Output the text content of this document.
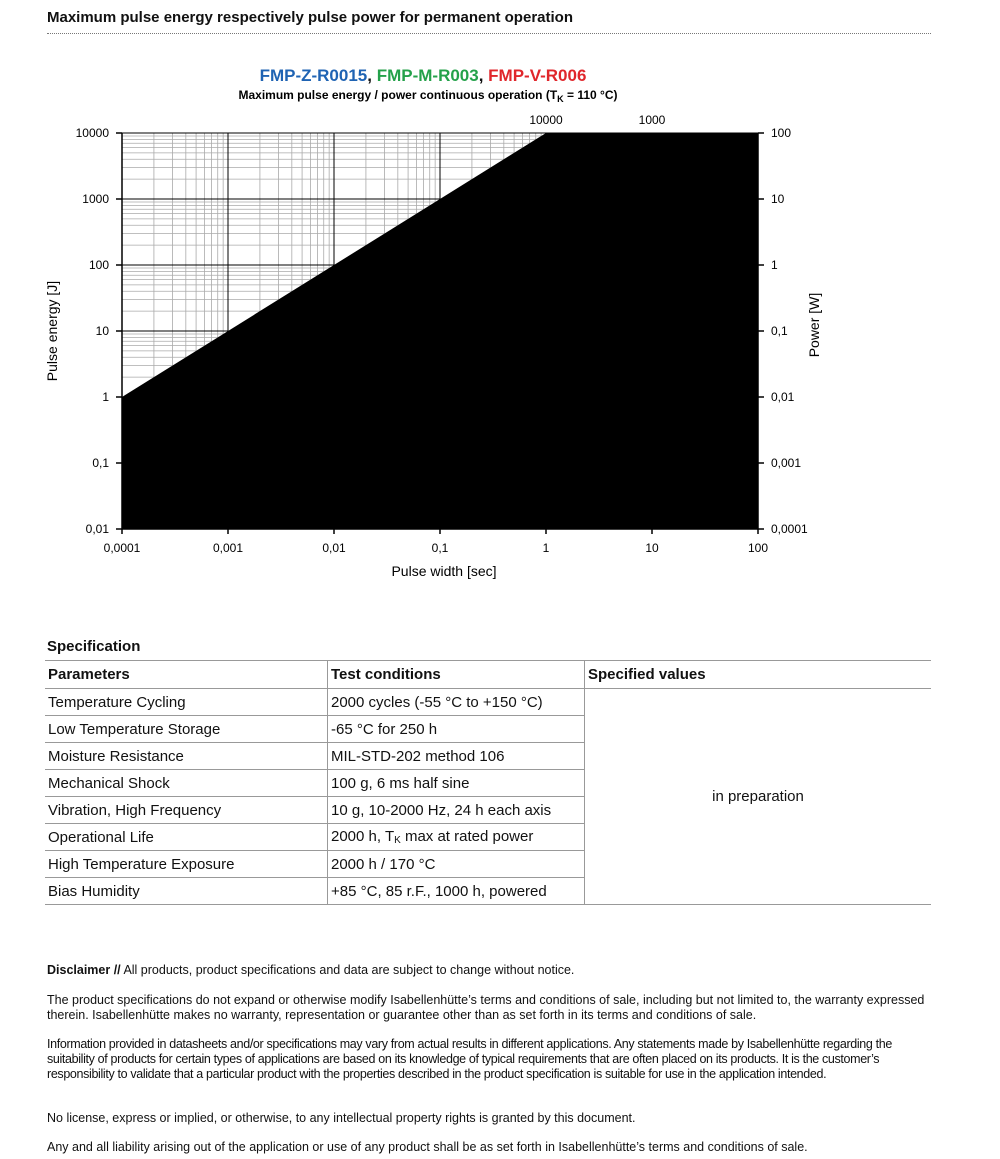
Maximum pulse energy respectively pulse power for permanent operation
FMP-Z-R0015, FMP-M-R003, FMP-V-R006
Maximum pulse energy / power continuous operation ($T_K = 110$ °C)
0,0001	0,001	0,01	0,1	1	10	100
0,01
0,1
1
10
100
1000
10000
0,0001
0,001
0,01
0,1
1
10
100
10000	1000
Pulse width [sec]
Pulse energy [J]	Power [W]
Specification
Parameters	Test conditions	Specified values
Temperature Cycling	2000 cycles (-55 °C to +150 °C)	in preparation
Low Temperature Storage	-65 °C for 250 h	
Moisture Resistance	MIL-STD-202 method 106	
Mechanical Shock	100 g, 6 ms half sine	
Vibration, High Frequency	10 g, 10-2000 Hz, 24 h each axis	
Operational Life	2000 h, $T_K$ max at rated power	
High Temperature Exposure	2000 h / 170 °C	
Bias Humidity	+85 °C, 85 r.F., 1000 h, powered	
Disclaimer // All products, product specifications and data are subject to change without notice.
The product specifications do not expand or otherwise modify Isabellenhütte’s terms and conditions of sale, including but not limited to, the warranty expressed therein. Isabellenhütte makes no warranty, representation or guarantee other than as set forth in its terms and conditions of sale.
Information provided in datasheets and/or specifications may vary from actual results in different applications. Any statements made by Isabellenhütte regarding the suitability of products for certain types of applications are based on its knowledge of typical requirements that are often placed on its products. It is the customer’s responsibility to validate that a particular product with the properties described in the product specification is suitable for use in the application intended.
No license, express or implied, or otherwise, to any intellectual property rights is granted by this document.
Any and all liability arising out of the application or use of any product shall be as set forth in Isabellenhütte’s terms and conditions of sale.
